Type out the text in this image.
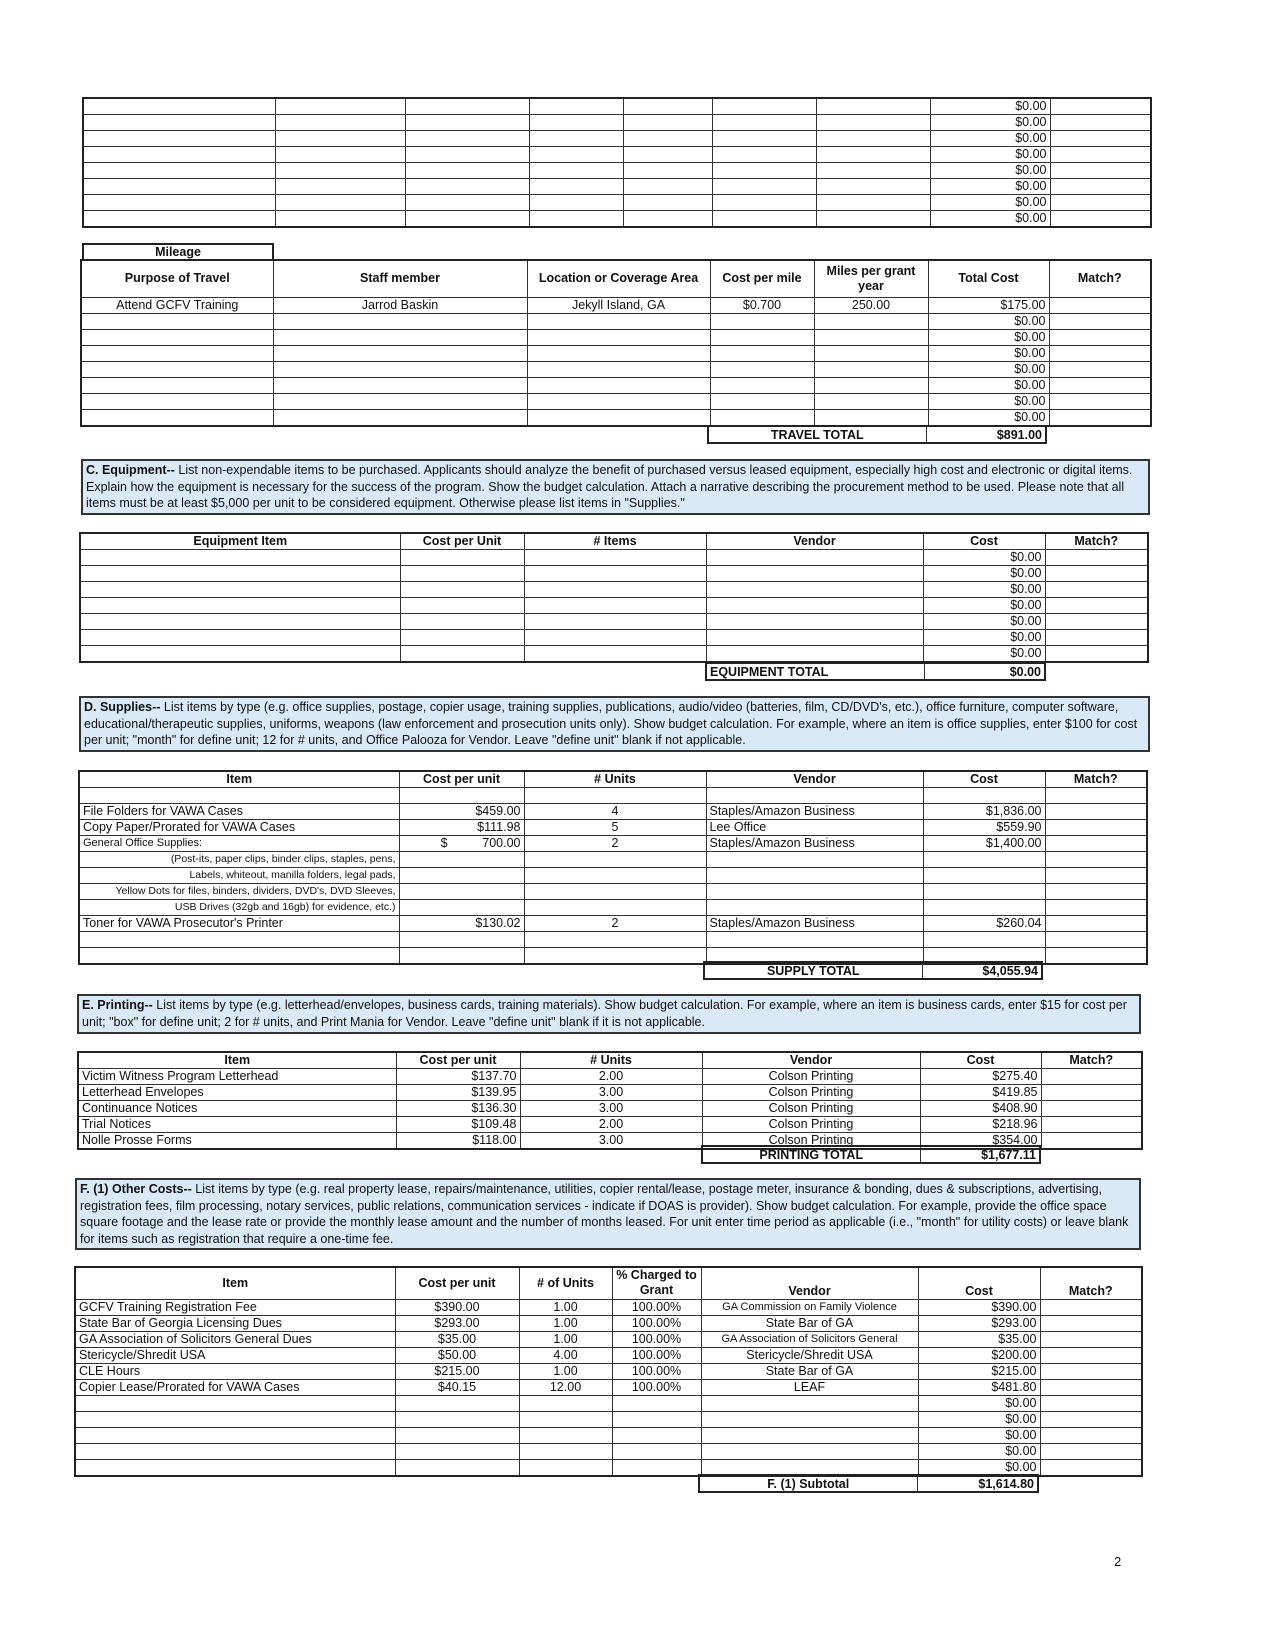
							$0.00	
							$0.00	
							$0.00	
							$0.00	
							$0.00	
							$0.00	
							$0.00	
							$0.00	
Mileage
Purpose of Travel	Staff member	Location or Coverage Area	Cost per mile	Miles per grant year	Total Cost	Match?
Attend GCFV Training	Jarrod Baskin	Jekyll Island, GA	$0.700	250.00	$175.00	
					$0.00	
					$0.00	
					$0.00	
					$0.00	
					$0.00	
					$0.00	
					$0.00	
TRAVEL TOTAL	$891.00
C. Equipment-- List non-expendable items to be purchased. Applicants should analyze the benefit of purchased versus leased equipment, especially high cost and electronic or digital items. Explain how the equipment is necessary for the success of the program. Show the budget calculation. Attach a narrative describing the procurement method to be used. Please note that all items must be at least $5,000 per unit to be considered equipment. Otherwise please list items in "Supplies."
Equipment Item	Cost per Unit	# Items	Vendor	Cost	Match?
				$0.00	
				$0.00	
				$0.00	
				$0.00	
				$0.00	
				$0.00	
				$0.00	
EQUIPMENT TOTAL	$0.00
D. Supplies-- List items by type (e.g. office supplies, postage, copier usage, training supplies, publications, audio/video (batteries, film, CD/DVD's, etc.), office furniture, computer software, educational/therapeutic supplies, uniforms, weapons (law enforcement and prosecution units only). Show budget calculation. For example, where an item is office supplies, enter $100 for cost per unit; "month" for define unit; 12 for # units, and Office Palooza for Vendor. Leave "define unit" blank if not applicable.
Item	Cost per unit	# Units	Vendor	Cost	Match?

File Folders for VAWA Cases	$459.00	4	Staples/Amazon Business	$1,836.00	
Copy Paper/Prorated for VAWA Cases	$111.98	5	Lee Office	$559.90	
General Office Supplies:	$          700.00	2	Staples/Amazon Business	$1,400.00	
(Post-its, paper clips, binder clips, staples, pens,					
Labels, whiteout, manilla folders, legal pads,					
Yellow Dots for files, binders, dividers, DVD's, DVD Sleeves,					
USB Drives (32gb and 16gb) for evidence, etc.)					
Toner for VAWA Prosecutor's Printer	$130.02	2	Staples/Amazon Business	$260.04	

SUPPLY TOTAL	$4,055.94
E. Printing-- List items by type (e.g. letterhead/envelopes, business cards, training materials). Show budget calculation. For example, where an item is business cards, enter $15 for cost per unit; "box" for define unit; 2 for # units, and Print Mania for Vendor. Leave "define unit" blank if it is not applicable.
Item	Cost per unit	# Units	Vendor	Cost	Match?
Victim Witness Program Letterhead	$137.70	2.00	Colson Printing	$275.40	
Letterhead Envelopes	$139.95	3.00	Colson Printing	$419.85	
Continuance Notices	$136.30	3.00	Colson Printing	$408.90	
Trial Notices	$109.48	2.00	Colson Printing	$218.96	
Nolle Prosse Forms	$118.00	3.00	Colson Printing	$354.00	
PRINTING TOTAL	$1,677.11
F. (1) Other Costs-- List items by type (e.g. real property lease, repairs/maintenance, utilities, copier rental/lease, postage meter, insurance & bonding, dues & subscriptions, advertising, registration fees, film processing, notary services, public relations, communication services - indicate if DOAS is provider). Show budget calculation. For example, provide the office space square footage and the lease rate or provide the monthly lease amount and the number of months leased. For unit enter time period as applicable (i.e., "month" for utility costs) or leave blank for items such as registration that require a one-time fee.
Item	Cost per unit	# of Units	% Charged to Grant	Vendor	Cost	Match?
GCFV Training Registration Fee	$390.00	1.00	100.00%	GA Commission on Family Violence	$390.00	
State Bar of Georgia Licensing Dues	$293.00	1.00	100.00%	State Bar of GA	$293.00	
GA Association of Solicitors General Dues	$35.00	1.00	100.00%	GA Association of Solicitors General	$35.00	
Stericycle/Shredit USA	$50.00	4.00	100.00%	Stericycle/Shredit USA	$200.00	
CLE Hours	$215.00	1.00	100.00%	State Bar of GA	$215.00	
Copier Lease/Prorated for VAWA Cases	$40.15	12.00	100.00%	LEAF	$481.80	
					$0.00	
					$0.00	
					$0.00	
					$0.00	
					$0.00	
F. (1) Subtotal	$1,614.80
2
